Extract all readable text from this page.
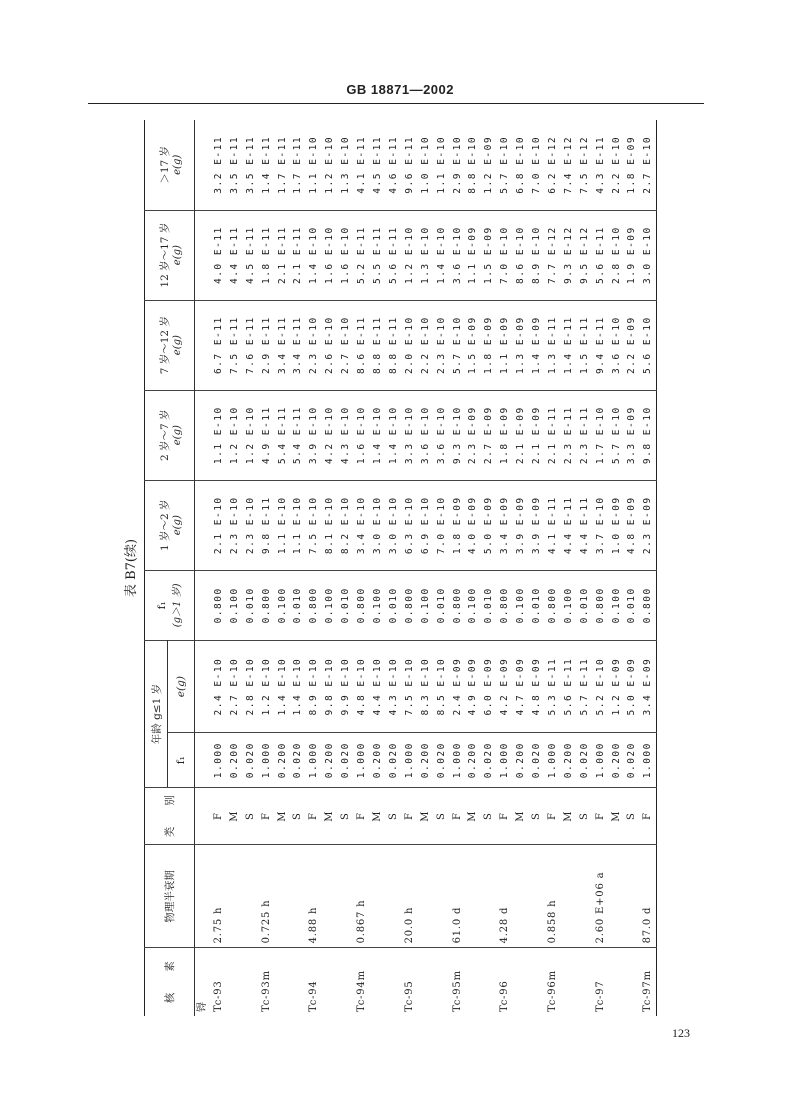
GB 18871—2002
表 B7(续)
核　　素	物理半衰期	类　　别	年龄 g≤1 岁		f₁ (g＞1 岁)	1 岁～2 岁 e(g)	2 岁～7 岁 e(g)	7 岁～12 岁 e(g)	12 岁～17 岁 e(g)	＞17 岁 e(g)

			f₁	e(g)						
锝										
Tc-93	2.75 h	F	1.000	2.4 E-10	0.800	2.1 E-10	1.1 E-10	6.7 E-11	4.0 E-11	3.2 E-11
		M	0.200	2.7 E-10	0.100	2.3 E-10	1.2 E-10	7.5 E-11	4.4 E-11	3.5 E-11
		S	0.020	2.8 E-10	0.010	2.3 E-10	1.2 E-10	7.6 E-11	4.5 E-11	3.5 E-11
Tc-93m	0.725 h	F	1.000	1.2 E-10	0.800	9.8 E-11	4.9 E-11	2.9 E-11	1.8 E-11	1.4 E-11
		M	0.200	1.4 E-10	0.100	1.1 E-10	5.4 E-11	3.4 E-11	2.1 E-11	1.7 E-11
		S	0.020	1.4 E-10	0.010	1.1 E-10	5.4 E-11	3.4 E-11	2.1 E-11	1.7 E-11
Tc-94	4.88 h	F	1.000	8.9 E-10	0.800	7.5 E-10	3.9 E-10	2.3 E-10	1.4 E-10	1.1 E-10
		M	0.200	9.8 E-10	0.100	8.1 E-10	4.2 E-10	2.6 E-10	1.6 E-10	1.2 E-10
		S	0.020	9.9 E-10	0.010	8.2 E-10	4.3 E-10	2.7 E-10	1.6 E-10	1.3 E-10
Tc-94m	0.867 h	F	1.000	4.8 E-10	0.800	3.4 E-10	1.6 E-10	8.6 E-11	5.2 E-11	4.1 E-11
		M	0.200	4.4 E-10	0.100	3.0 E-10	1.4 E-10	8.8 E-11	5.5 E-11	4.5 E-11
		S	0.020	4.3 E-10	0.010	3.0 E-10	1.4 E-10	8.8 E-11	5.6 E-11	4.6 E-11
Tc-95	20.0 h	F	1.000	7.5 E-10	0.800	6.3 E-10	3.3 E-10	2.0 E-10	1.2 E-10	9.6 E-11
		M	0.200	8.3 E-10	0.100	6.9 E-10	3.6 E-10	2.2 E-10	1.3 E-10	1.0 E-10
		S	0.020	8.5 E-10	0.010	7.0 E-10	3.6 E-10	2.3 E-10	1.4 E-10	1.1 E-10
Tc-95m	61.0 d	F	1.000	2.4 E-09	0.800	1.8 E-09	9.3 E-10	5.7 E-10	3.6 E-10	2.9 E-10
		M	0.200	4.9 E-09	0.100	4.0 E-09	2.3 E-09	1.5 E-09	1.1 E-09	8.8 E-10
		S	0.020	6.0 E-09	0.010	5.0 E-09	2.7 E-09	1.8 E-09	1.5 E-09	1.2 E-09
Tc-96	4.28 d	F	1.000	4.2 E-09	0.800	3.4 E-09	1.8 E-09	1.1 E-09	7.0 E-10	5.7 E-10
		M	0.200	4.7 E-09	0.100	3.9 E-09	2.1 E-09	1.3 E-09	8.6 E-10	6.8 E-10
		S	0.020	4.8 E-09	0.010	3.9 E-09	2.1 E-09	1.4 E-09	8.9 E-10	7.0 E-10
Tc-96m	0.858 h	F	1.000	5.3 E-11	0.800	4.1 E-11	2.1 E-11	1.3 E-11	7.7 E-12	6.2 E-12
		M	0.200	5.6 E-11	0.100	4.4 E-11	2.3 E-11	1.4 E-11	9.3 E-12	7.4 E-12
		S	0.020	5.7 E-11	0.010	4.4 E-11	2.3 E-11	1.5 E-11	9.5 E-12	7.5 E-12
Tc-97	2.60 E+06 a	F	1.000	5.2 E-10	0.800	3.7 E-10	1.7 E-10	9.4 E-11	5.6 E-11	4.3 E-11
		M	0.200	1.2 E-09	0.100	1.0 E-09	5.7 E-10	3.6 E-10	2.8 E-10	2.2 E-10
		S	0.020	5.0 E-09	0.010	4.8 E-09	3.3 E-09	2.2 E-09	1.9 E-09	1.8 E-09
Tc-97m	87.0 d	F	1.000	3.4 E-09	0.800	2.3 E-09	9.8 E-10	5.6 E-10	3.0 E-10	2.7 E-10
123
